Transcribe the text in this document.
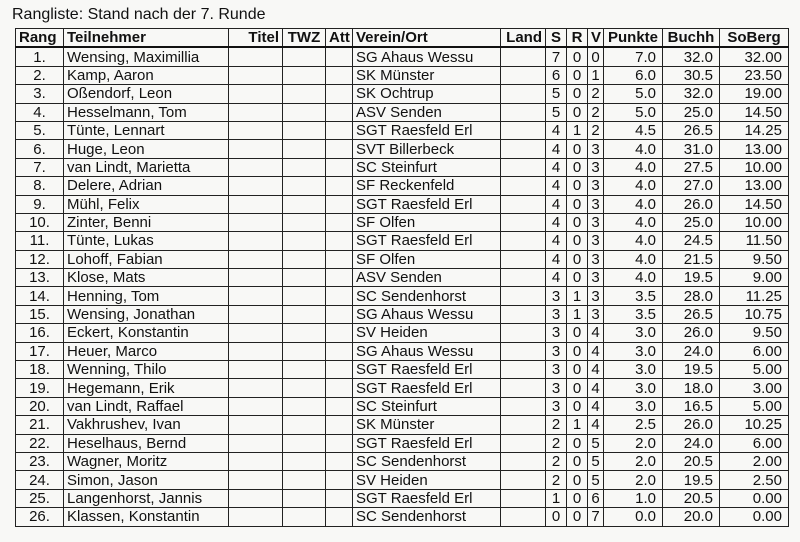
Rangliste: Stand nach der 7. Runde
Rang	Teilnehmer	Titel	TWZ	Att	Verein/Ort	Land	S	R	V	Punkte	Buchh	SoBerg
1.	Wensing, Maximillia				SG Ahaus Wessu		7	0	0	7.0	32.0	32.00
2.	Kamp, Aaron				SK Münster		6	0	1	6.0	30.5	23.50
3.	Oßendorf, Leon				SK Ochtrup		5	0	2	5.0	32.0	19.00
4.	Hesselmann, Tom				ASV Senden		5	0	2	5.0	25.0	14.50
5.	Tünte, Lennart				SGT Raesfeld Erl		4	1	2	4.5	26.5	14.25
6.	Huge, Leon				SVT Billerbeck		4	0	3	4.0	31.0	13.00
7.	van Lindt, Marietta				SC Steinfurt		4	0	3	4.0	27.5	10.00
8.	Delere, Adrian				SF Reckenfeld		4	0	3	4.0	27.0	13.00
9.	Mühl, Felix				SGT Raesfeld Erl		4	0	3	4.0	26.0	14.50
10.	Zinter, Benni				SF Olfen		4	0	3	4.0	25.0	10.00
11.	Tünte, Lukas				SGT Raesfeld Erl		4	0	3	4.0	24.5	11.50
12.	Lohoff, Fabian				SF Olfen		4	0	3	4.0	21.5	9.50
13.	Klose, Mats				ASV Senden		4	0	3	4.0	19.5	9.00
14.	Henning, Tom				SC Sendenhorst		3	1	3	3.5	28.0	11.25
15.	Wensing, Jonathan				SG Ahaus Wessu		3	1	3	3.5	26.5	10.75
16.	Eckert, Konstantin				SV Heiden		3	0	4	3.0	26.0	9.50
17.	Heuer, Marco				SG Ahaus Wessu		3	0	4	3.0	24.0	6.00
18.	Wenning, Thilo				SGT Raesfeld Erl		3	0	4	3.0	19.5	5.00
19.	Hegemann, Erik				SGT Raesfeld Erl		3	0	4	3.0	18.0	3.00
20.	van Lindt, Raffael				SC Steinfurt		3	0	4	3.0	16.5	5.00
21.	Vakhrushev, Ivan				SK Münster		2	1	4	2.5	26.0	10.25
22.	Heselhaus, Bernd				SGT Raesfeld Erl		2	0	5	2.0	24.0	6.00
23.	Wagner, Moritz				SC Sendenhorst		2	0	5	2.0	20.5	2.00
24.	Simon, Jason				SV Heiden		2	0	5	2.0	19.5	2.50
25.	Langenhorst, Jannis				SGT Raesfeld Erl		1	0	6	1.0	20.5	0.00
26.	Klassen, Konstantin				SC Sendenhorst		0	0	7	0.0	20.0	0.00
